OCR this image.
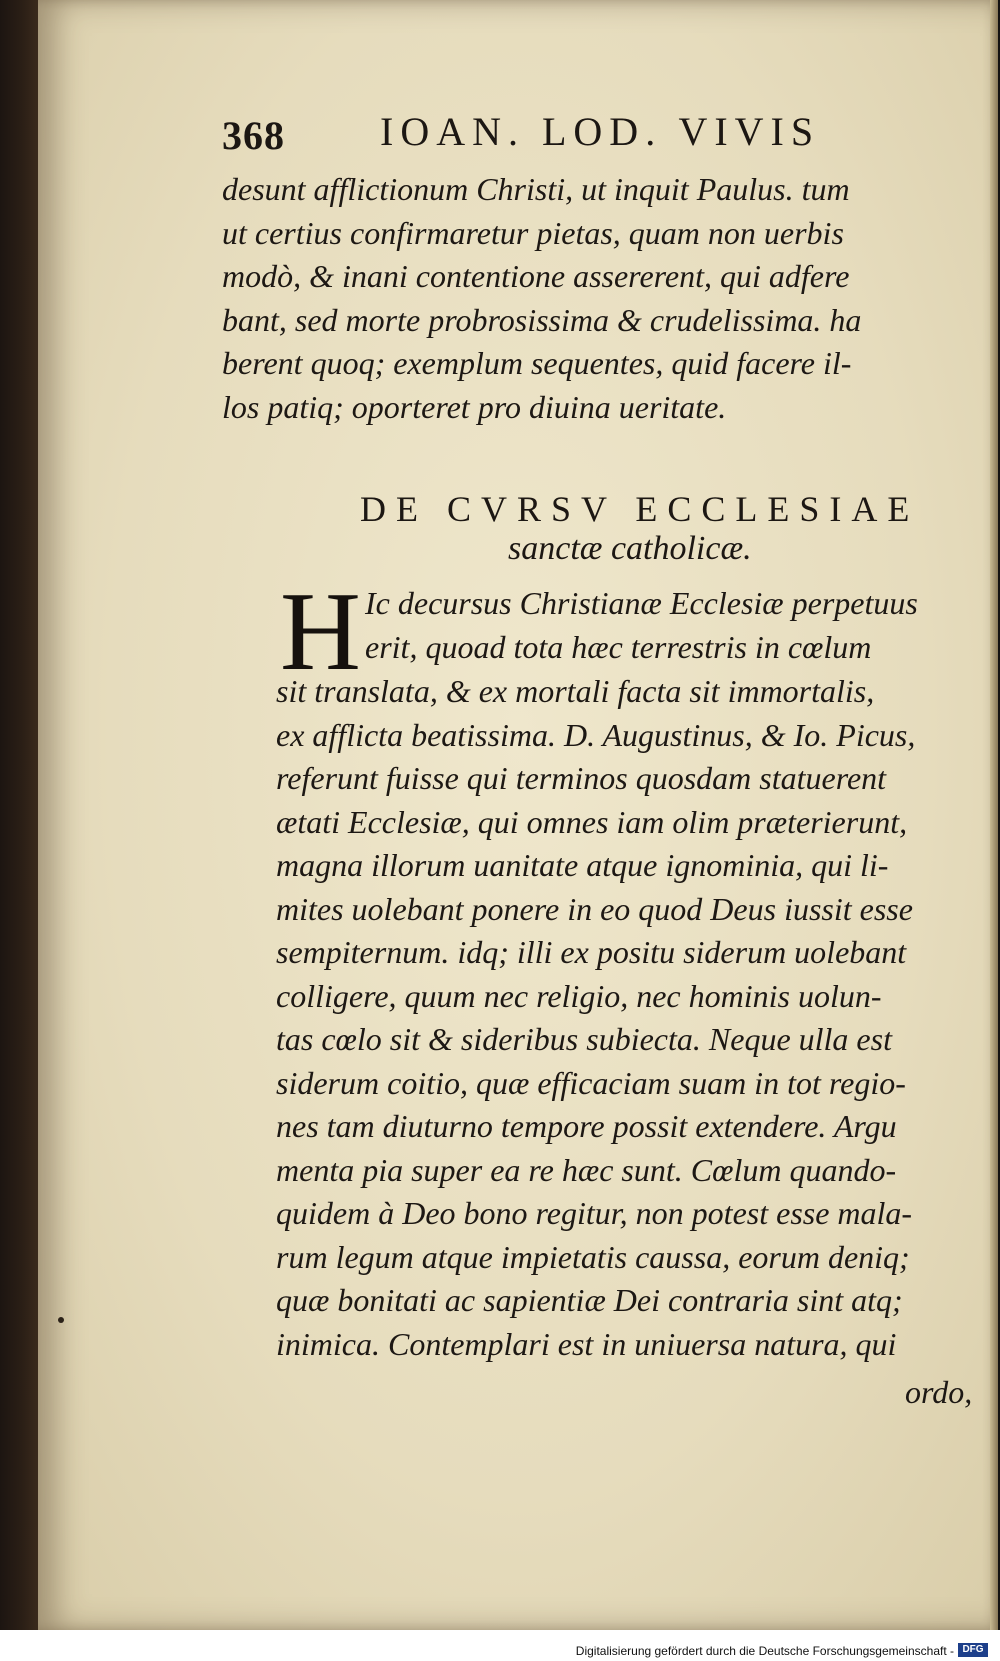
368 IOAN. LOD. VIVIS
desunt afflictionum Christi, ut inquit Paulus. tum
ut certius confirmaretur pietas, quam non uerbis
modò, & inani contentione assererent, qui adfere
bant, sed morte probrosissima & crudelissima. ha
berent quoq; exemplum sequentes, quid facere il-
los patiq; oporteret pro diuina ueritate.
DE CVRSV ECCLESIAE
sanctæ catholicæ.
H Ic decursus Christianæ Ecclesiæ perpetuus
erit, quoad tota hæc terrestris in cœlum
sit translata, & ex mortali facta sit immortalis,
ex afflicta beatissima. D. Augustinus, & Io. Picus,
referunt fuisse qui terminos quosdam statuerent
ætati Ecclesiæ, qui omnes iam olim præterierunt,
magna illorum uanitate atque ignominia, qui li-
mites uolebant ponere in eo quod Deus iussit esse
sempiternum. idq; illi ex positu siderum uolebant
colligere, quum nec religio, nec hominis uolun-
tas cœlo sit & sideribus subiecta. Neque ulla est
siderum coitio, quæ efficaciam suam in tot regio-
nes tam diuturno tempore possit extendere. Argu
menta pia super ea re hæc sunt. Cœlum quando-
quidem à Deo bono regitur, non potest esse mala-
rum legum atque impietatis caussa, eorum deniq;
quæ bonitati ac sapientiæ Dei contraria sint atq;
inimica. Contemplari est in uniuersa natura, qui
ordo,
Digitalisierung gefördert durch die Deutsche Forschungsgemeinschaft - DFG
